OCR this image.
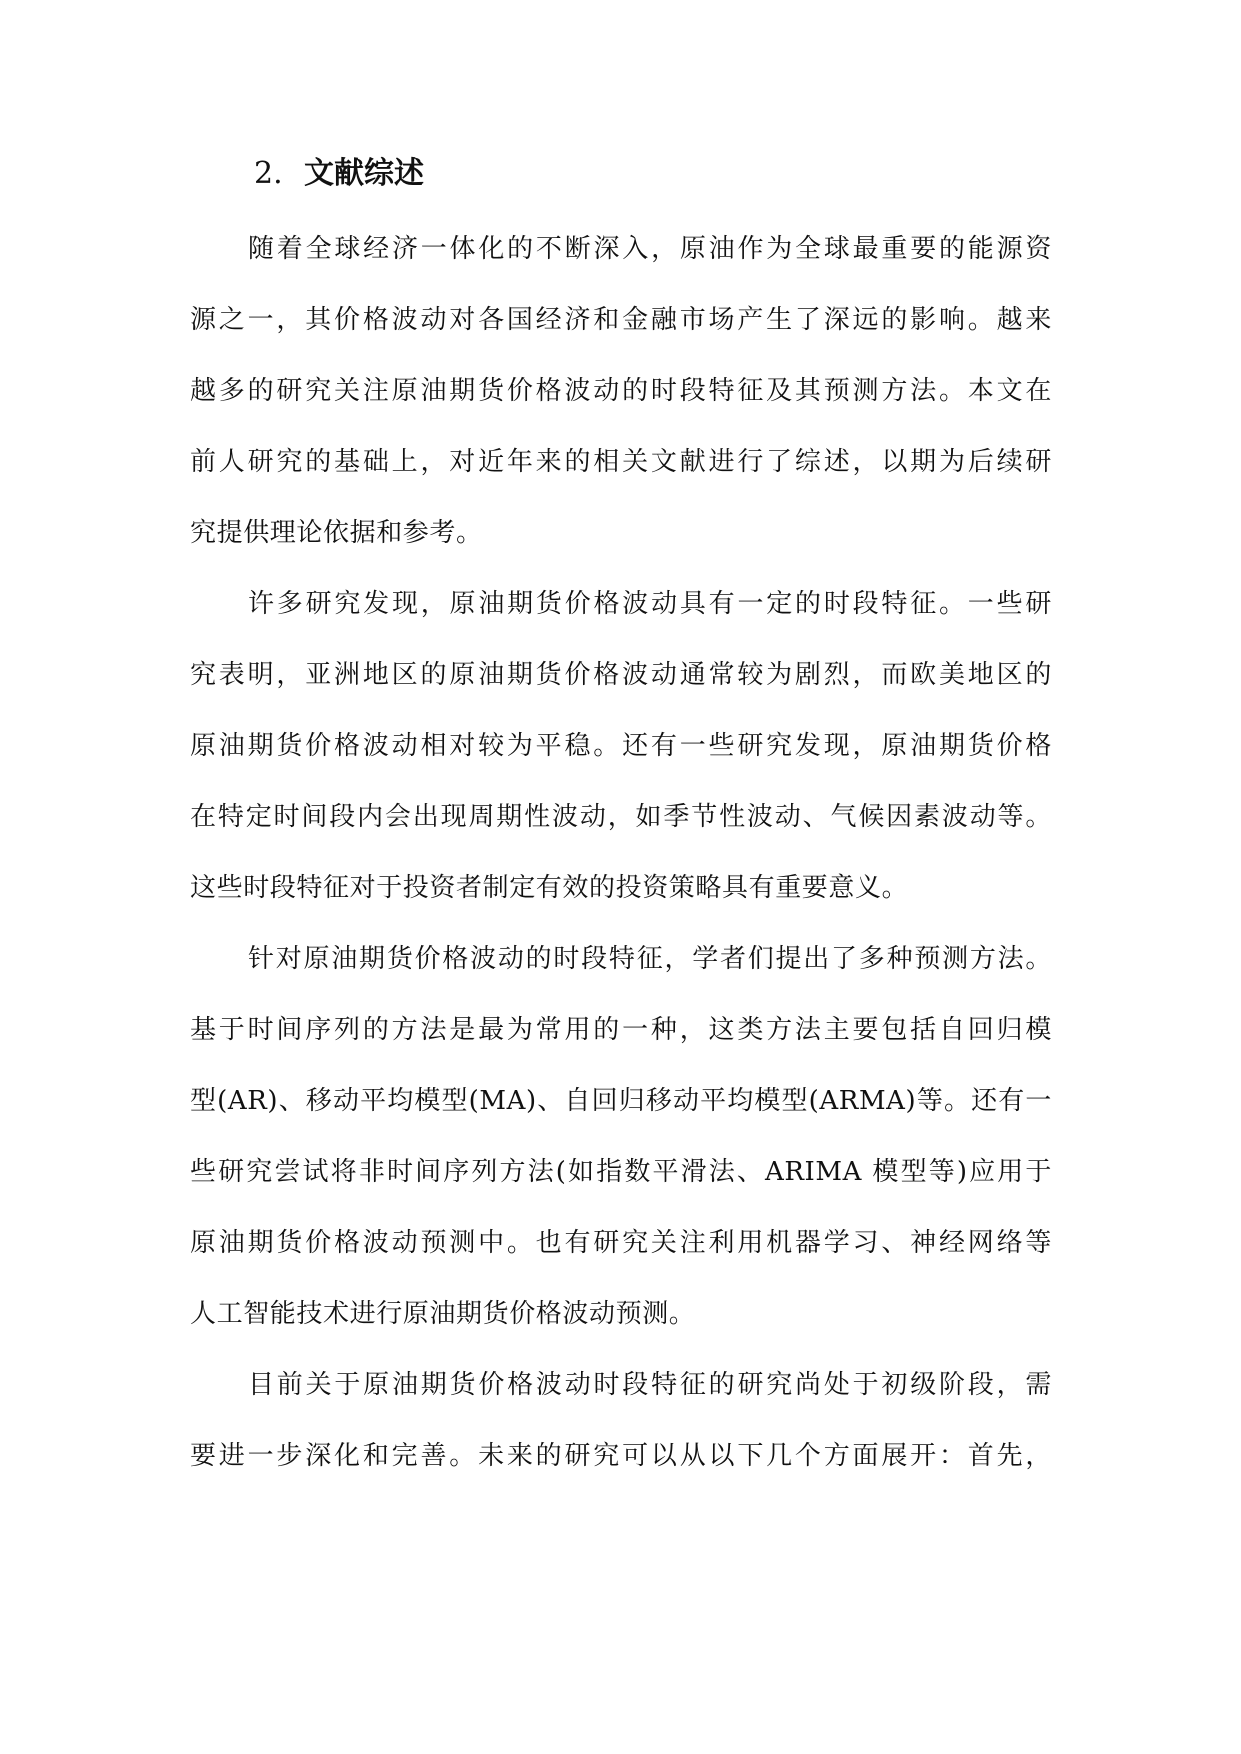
2. 文献综述

随着全球经济一体化的不断深入，原油作为全球最重要的能源资

源之一，其价格波动对各国经济和金融市场产生了深远的影响。越来

越多的研究关注原油期货价格波动的时段特征及其预测方法。本文在

前人研究的基础上，对近年来的相关文献进行了综述，以期为后续研

究提供理论依据和参考。

许多研究发现，原油期货价格波动具有一定的时段特征。一些研

究表明，亚洲地区的原油期货价格波动通常较为剧烈，而欧美地区的

原油期货价格波动相对较为平稳。还有一些研究发现，原油期货价格

在特定时间段内会出现周期性波动，如季节性波动、气候因素波动等。

这些时段特征对于投资者制定有效的投资策略具有重要意义。

针对原油期货价格波动的时段特征，学者们提出了多种预测方法。

基于时间序列的方法是最为常用的一种，这类方法主要包括自回归模

型(AR)、移动平均模型(MA)、自回归移动平均模型(ARMA)等。还有一

些研究尝试将非时间序列方法(如指数平滑法、ARIMA 模型等)应用于

原油期货价格波动预测中。也有研究关注利用机器学习、神经网络等

人工智能技术进行原油期货价格波动预测。

目前关于原油期货价格波动时段特征的研究尚处于初级阶段，需

要进一步深化和完善。未来的研究可以从以下几个方面展开：首先，
